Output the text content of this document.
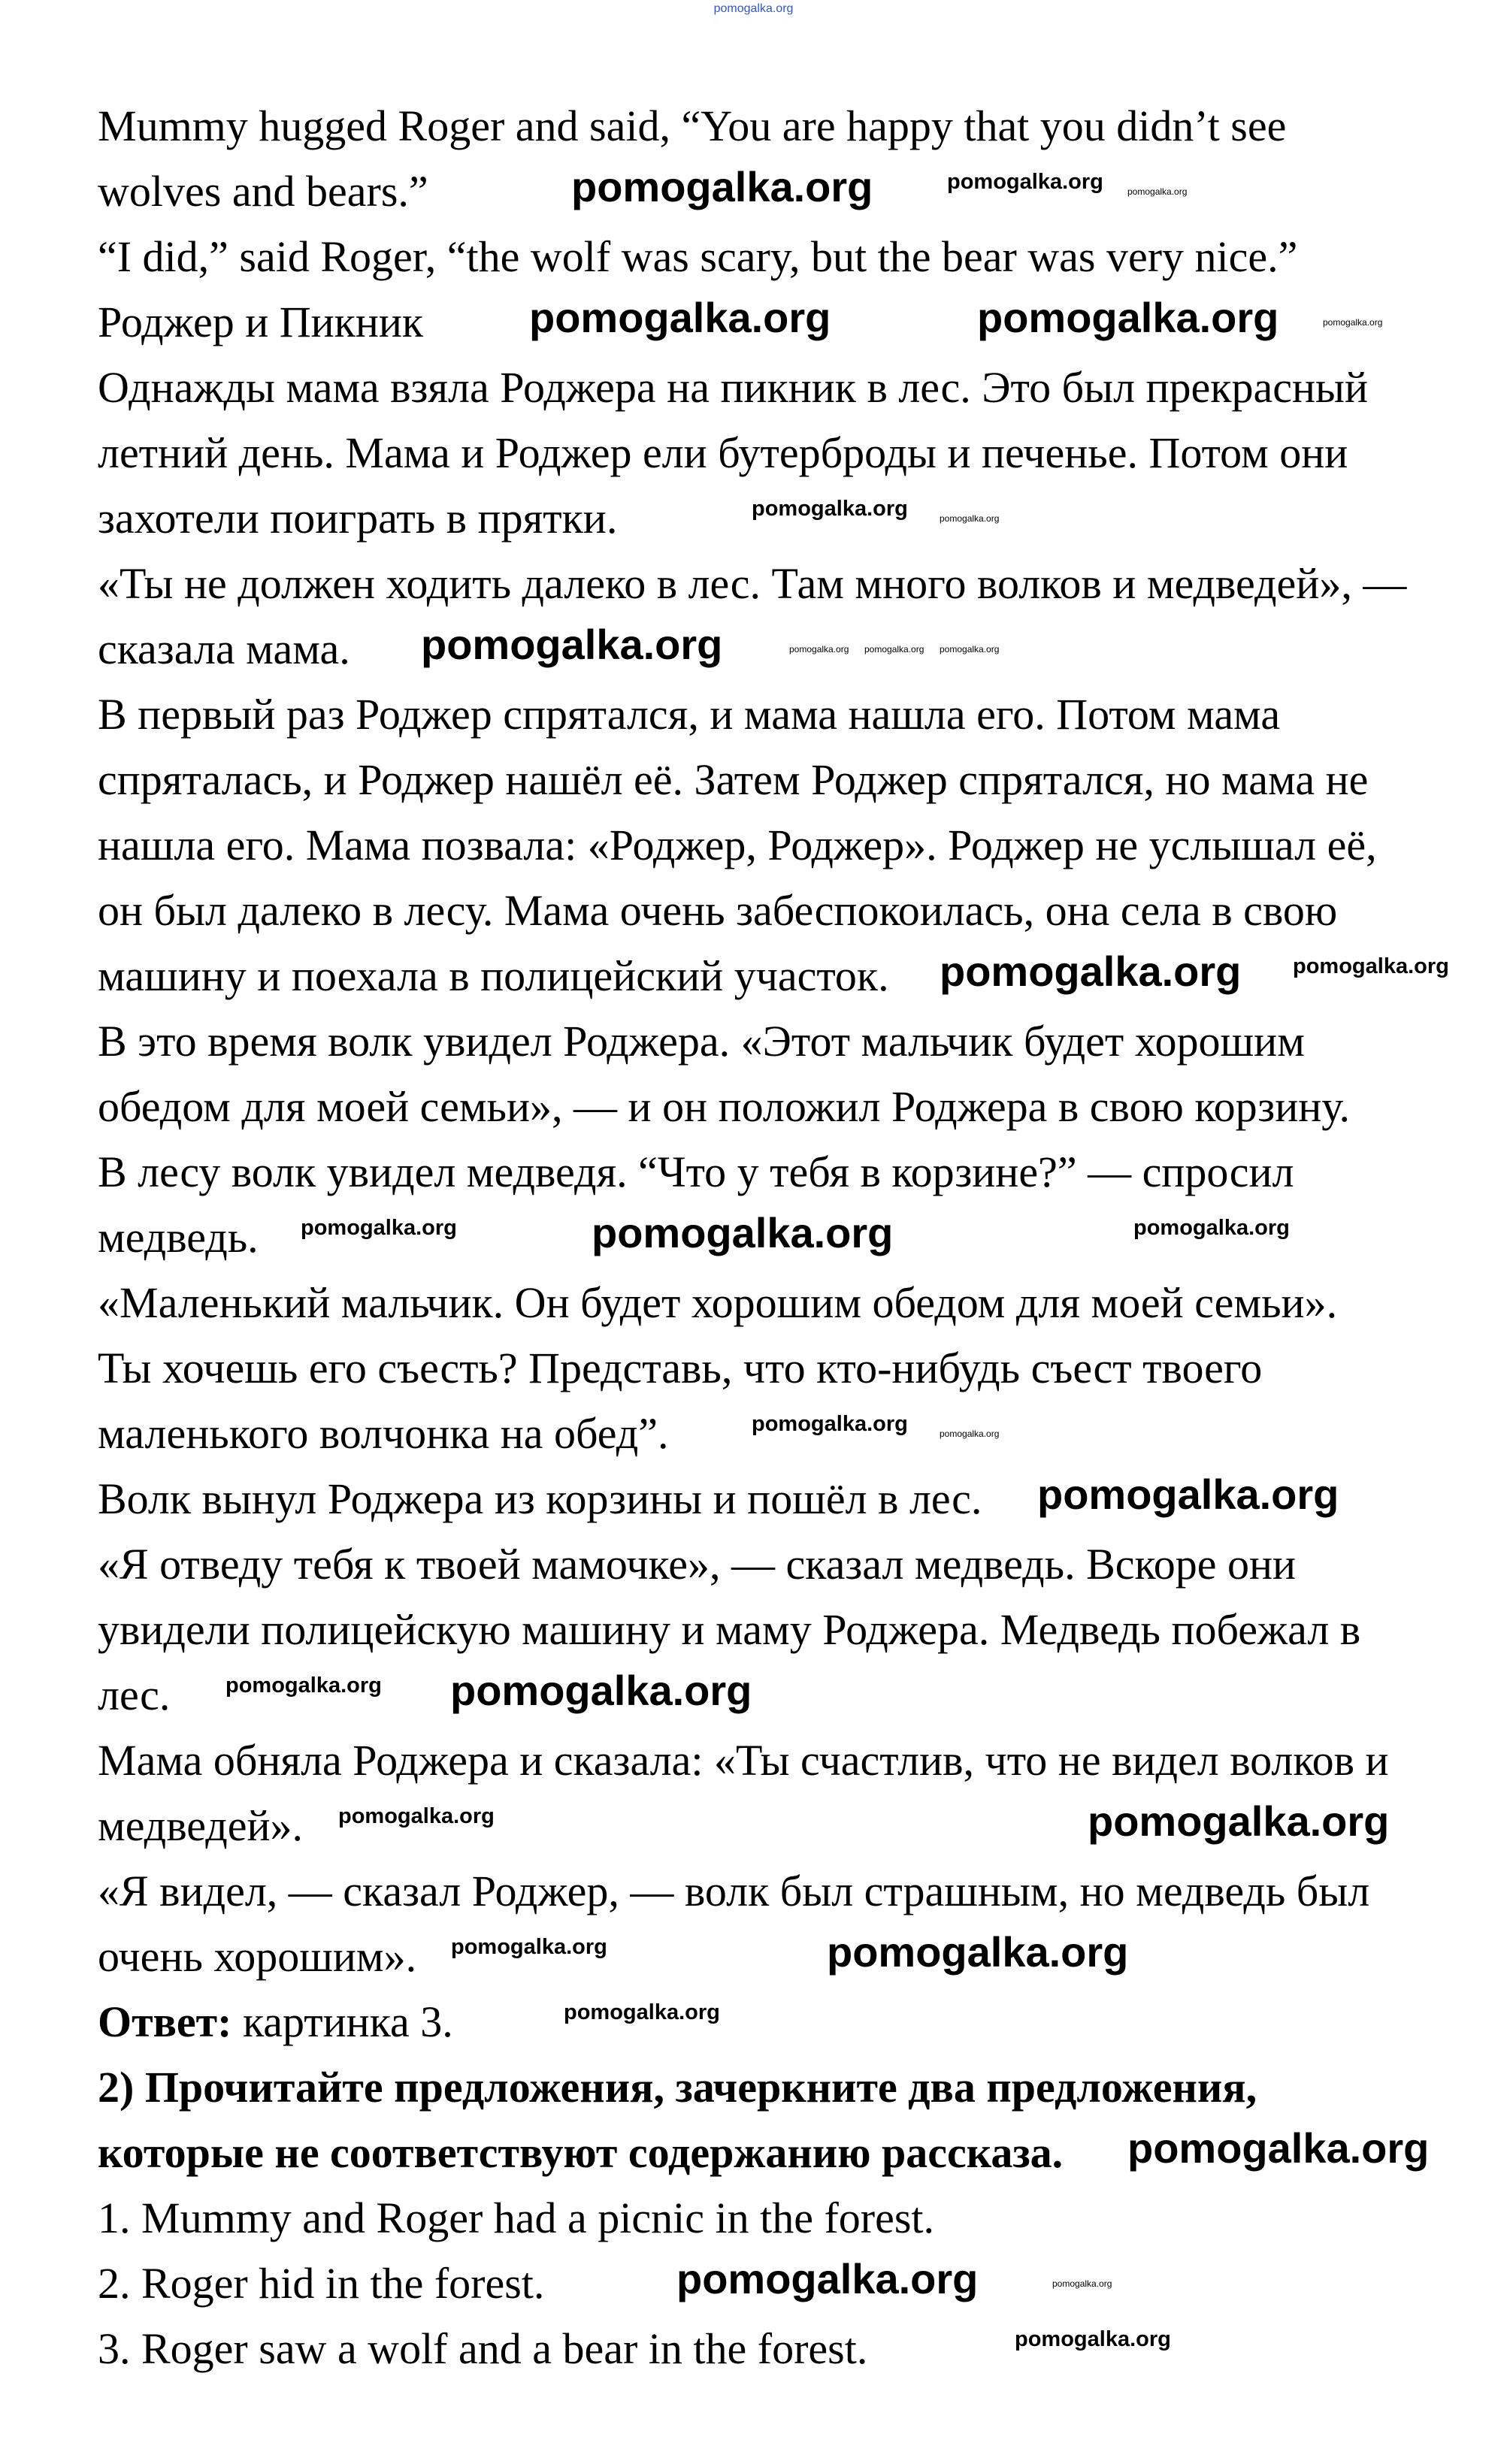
pomogalka.org
Mummy hugged Roger and said, “You are happy that you didn’t see
wolves and bears.”
“I did,” said Roger, “the wolf was scary, but the bear was very nice.”
Роджер и Пикник
Однажды мама взяла Роджера на пикник в лес. Это был прекрасный
летний день. Мама и Роджер ели бутерброды и печенье. Потом они
захотели поиграть в прятки.
«Ты не должен ходить далеко в лес. Там много волков и медведей», —
сказала мама.
В первый раз Роджер спрятался, и мама нашла его. Потом мама
спряталась, и Роджер нашёл её. Затем Роджер спрятался, но мама не
нашла его. Мама позвала: «Роджер, Роджер». Роджер не услышал её,
он был далеко в лесу. Мама очень забеспокоилась, она села в свою
машину и поехала в полицейский участок.
В это время волк увидел Роджера. «Этот мальчик будет хорошим
обедом для моей семьи», — и он положил Роджера в свою корзину.
В лесу волк увидел медведя. “Что у тебя в корзине?” — спросил
медведь.
«Маленький мальчик. Он будет хорошим обедом для моей семьи».
Ты хочешь его съесть? Представь, что кто-нибудь съест твоего
маленького волчонка на обед”.
Волк вынул Роджера из корзины и пошёл в лес.
«Я отведу тебя к твоей мамочке», — сказал медведь. Вскоре они
увидели полицейскую машину и маму Роджера. Медведь побежал в
лес.
Мама обняла Роджера и сказала: «Ты счастлив, что не видел волков и
медведей».
«Я видел, — сказал Роджер, — волк был страшным, но медведь был
очень хорошим».
Ответ: картинка 3.
2) Прочитайте предложения, зачеркните два предложения,
которые не соответствуют содержанию рассказа.
1. Mummy and Roger had a picnic in the forest.
2. Roger hid in the forest.
3. Roger saw a wolf and a bear in the forest.
pomogalka.org	pomogalka.org	pomogalka.org
pomogalka.org	pomogalka.org	pomogalka.org
pomogalka.org	pomogalka.org
pomogalka.org	pomogalka.org pomogalka.org pomogalka.org
pomogalka.org pomogalka.org
pomogalka.org	pomogalka.org	pomogalka.org
pomogalka.org	pomogalka.org
pomogalka.org
pomogalka.org pomogalka.org
pomogalka.org	pomogalka.org
pomogalka.org	pomogalka.org
pomogalka.org
pomogalka.org
pomogalka.org	pomogalka.org
pomogalka.org
